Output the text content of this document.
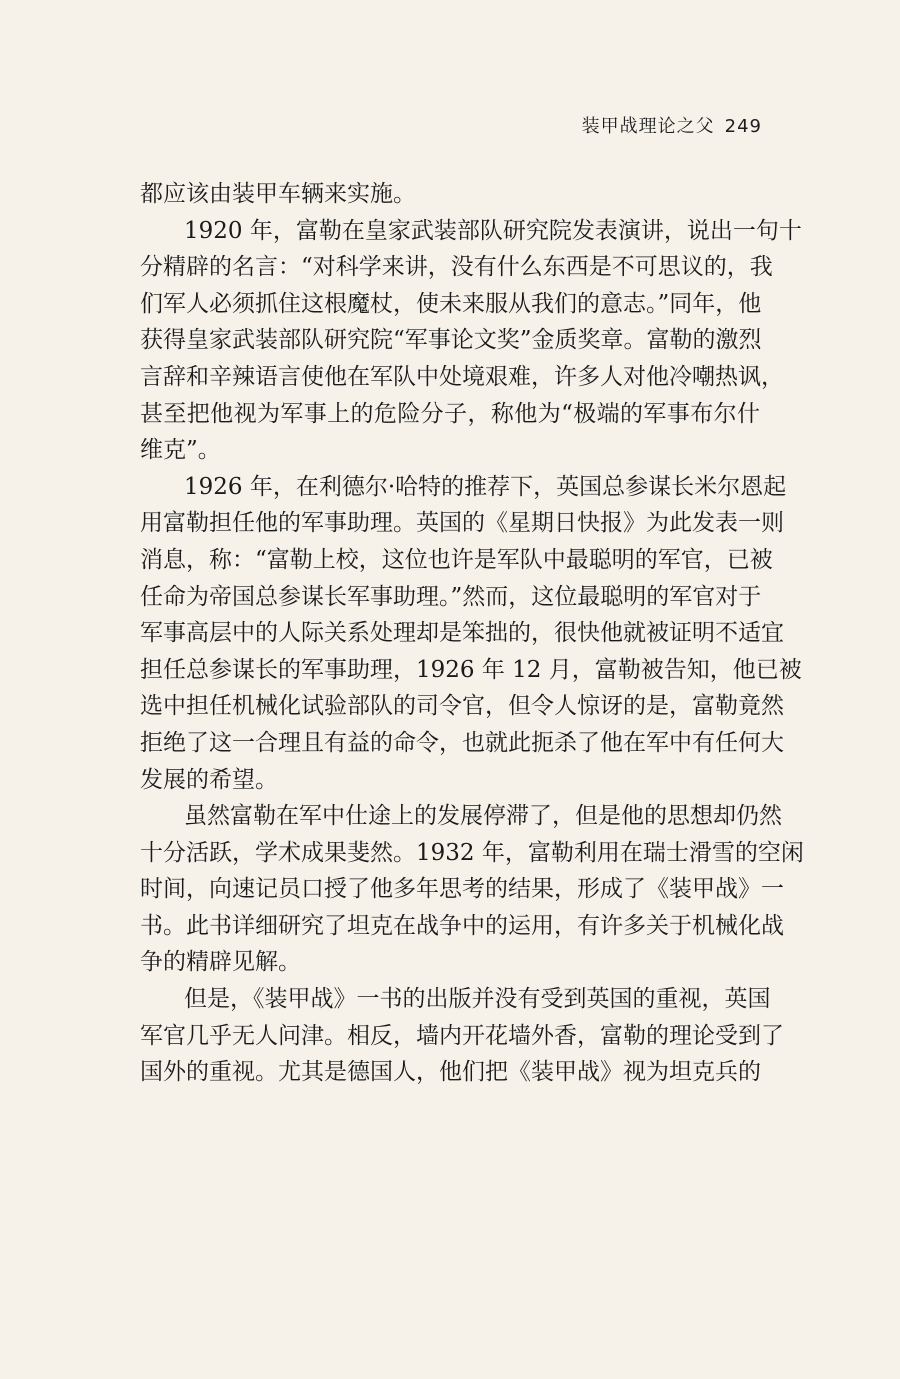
装甲战理论之父 249
都应该由装甲车辆来实施。
1920 年，富勒在皇家武装部队研究院发表演讲，说出一句十
分精辟的名言：“对科学来讲，没有什么东西是不可思议的，我
们军人必须抓住这根魔杖，使未来服从我们的意志。”同年，他
获得皇家武装部队研究院“军事论文奖”金质奖章。富勒的激烈
言辞和辛辣语言使他在军队中处境艰难，许多人对他冷嘲热讽，
甚至把他视为军事上的危险分子，称他为“极端的军事布尔什
维克”。
1926 年，在利德尔·哈特的推荐下，英国总参谋长米尔恩起
用富勒担任他的军事助理。英国的《星期日快报》为此发表一则
消息，称：“富勒上校，这位也许是军队中最聪明的军官，已被
任命为帝国总参谋长军事助理。”然而，这位最聪明的军官对于
军事高层中的人际关系处理却是笨拙的，很快他就被证明不适宜
担任总参谋长的军事助理，1926 年 12 月，富勒被告知，他已被
选中担任机械化试验部队的司令官，但令人惊讶的是，富勒竟然
拒绝了这一合理且有益的命令，也就此扼杀了他在军中有任何大
发展的希望。
虽然富勒在军中仕途上的发展停滞了，但是他的思想却仍然
十分活跃，学术成果斐然。1932 年，富勒利用在瑞士滑雪的空闲
时间，向速记员口授了他多年思考的结果，形成了《装甲战》一
书。此书详细研究了坦克在战争中的运用，有许多关于机械化战
争的精辟见解。
但是，《装甲战》一书的出版并没有受到英国的重视，英国
军官几乎无人问津。相反，墙内开花墙外香，富勒的理论受到了
国外的重视。尤其是德国人，他们把《装甲战》视为坦克兵的
